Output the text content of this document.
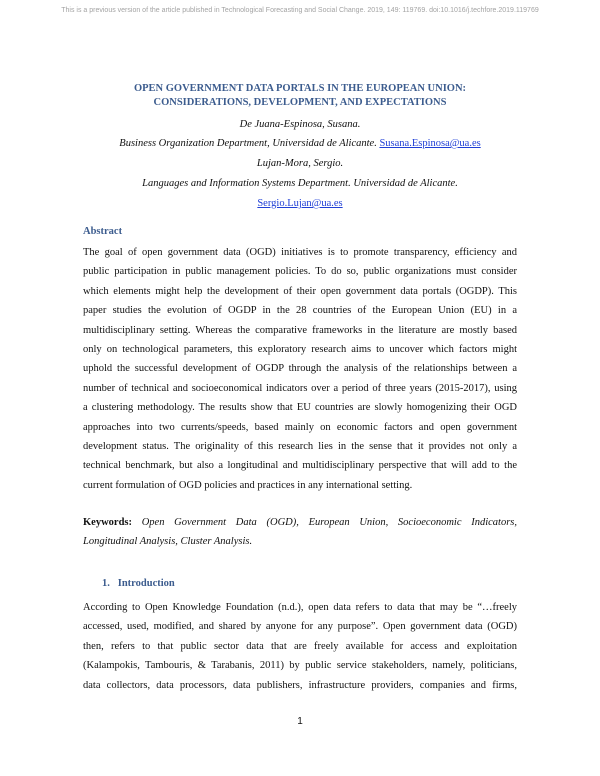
This is a previous version of the article published in Technological Forecasting and Social Change. 2019, 149: 119769. doi:10.1016/j.techfore.2019.119769
OPEN GOVERNMENT DATA PORTALS IN THE EUROPEAN UNION:
CONSIDERATIONS, DEVELOPMENT, AND EXPECTATIONS
De Juana-Espinosa, Susana.
Business Organization Department, Universidad de Alicante. Susana.Espinosa@ua.es
Lujan-Mora, Sergio.
Languages and Information Systems Department. Universidad de Alicante.
Sergio.Lujan@ua.es
Abstract
The goal of open government data (OGD) initiatives is to promote transparency, efficiency and
public participation in public management policies. To do so, public organizations must consider
which elements might help the development of their open government data portals (OGDP). This
paper studies the evolution of OGDP in the 28 countries of the European Union (EU) in a
multidisciplinary setting. Whereas the comparative frameworks in the literature are mostly based
only on technological parameters, this exploratory research aims to uncover which factors might
uphold the successful development of OGDP through the analysis of the relationships between a
number of technical and socioeconomical indicators over a period of three years (2015-2017), using
a clustering methodology. The results show that EU countries are slowly homogenizing their OGD
approaches into two currents/speeds, based mainly on economic factors and open government
development status. The originality of this research lies in the sense that it provides not only a
technical benchmark, but also a longitudinal and multidisciplinary perspective that will add to the
current formulation of OGD policies and practices in any international setting.
Keywords: Open Government Data (OGD), European Union, Socioeconomic Indicators,
Longitudinal Analysis, Cluster Analysis.
1.   Introduction
According to Open Knowledge Foundation (n.d.), open data refers to data that may be “…freely
accessed, used, modified, and shared by anyone for any purpose”. Open government data (OGD)
then, refers to that public sector data that are freely available for access and exploitation
(Kalampokis, Tambouris, & Tarabanis, 2011) by public service stakeholders, namely, politicians,
data collectors, data processors, data publishers, infrastructure providers, companies and firms,
1
